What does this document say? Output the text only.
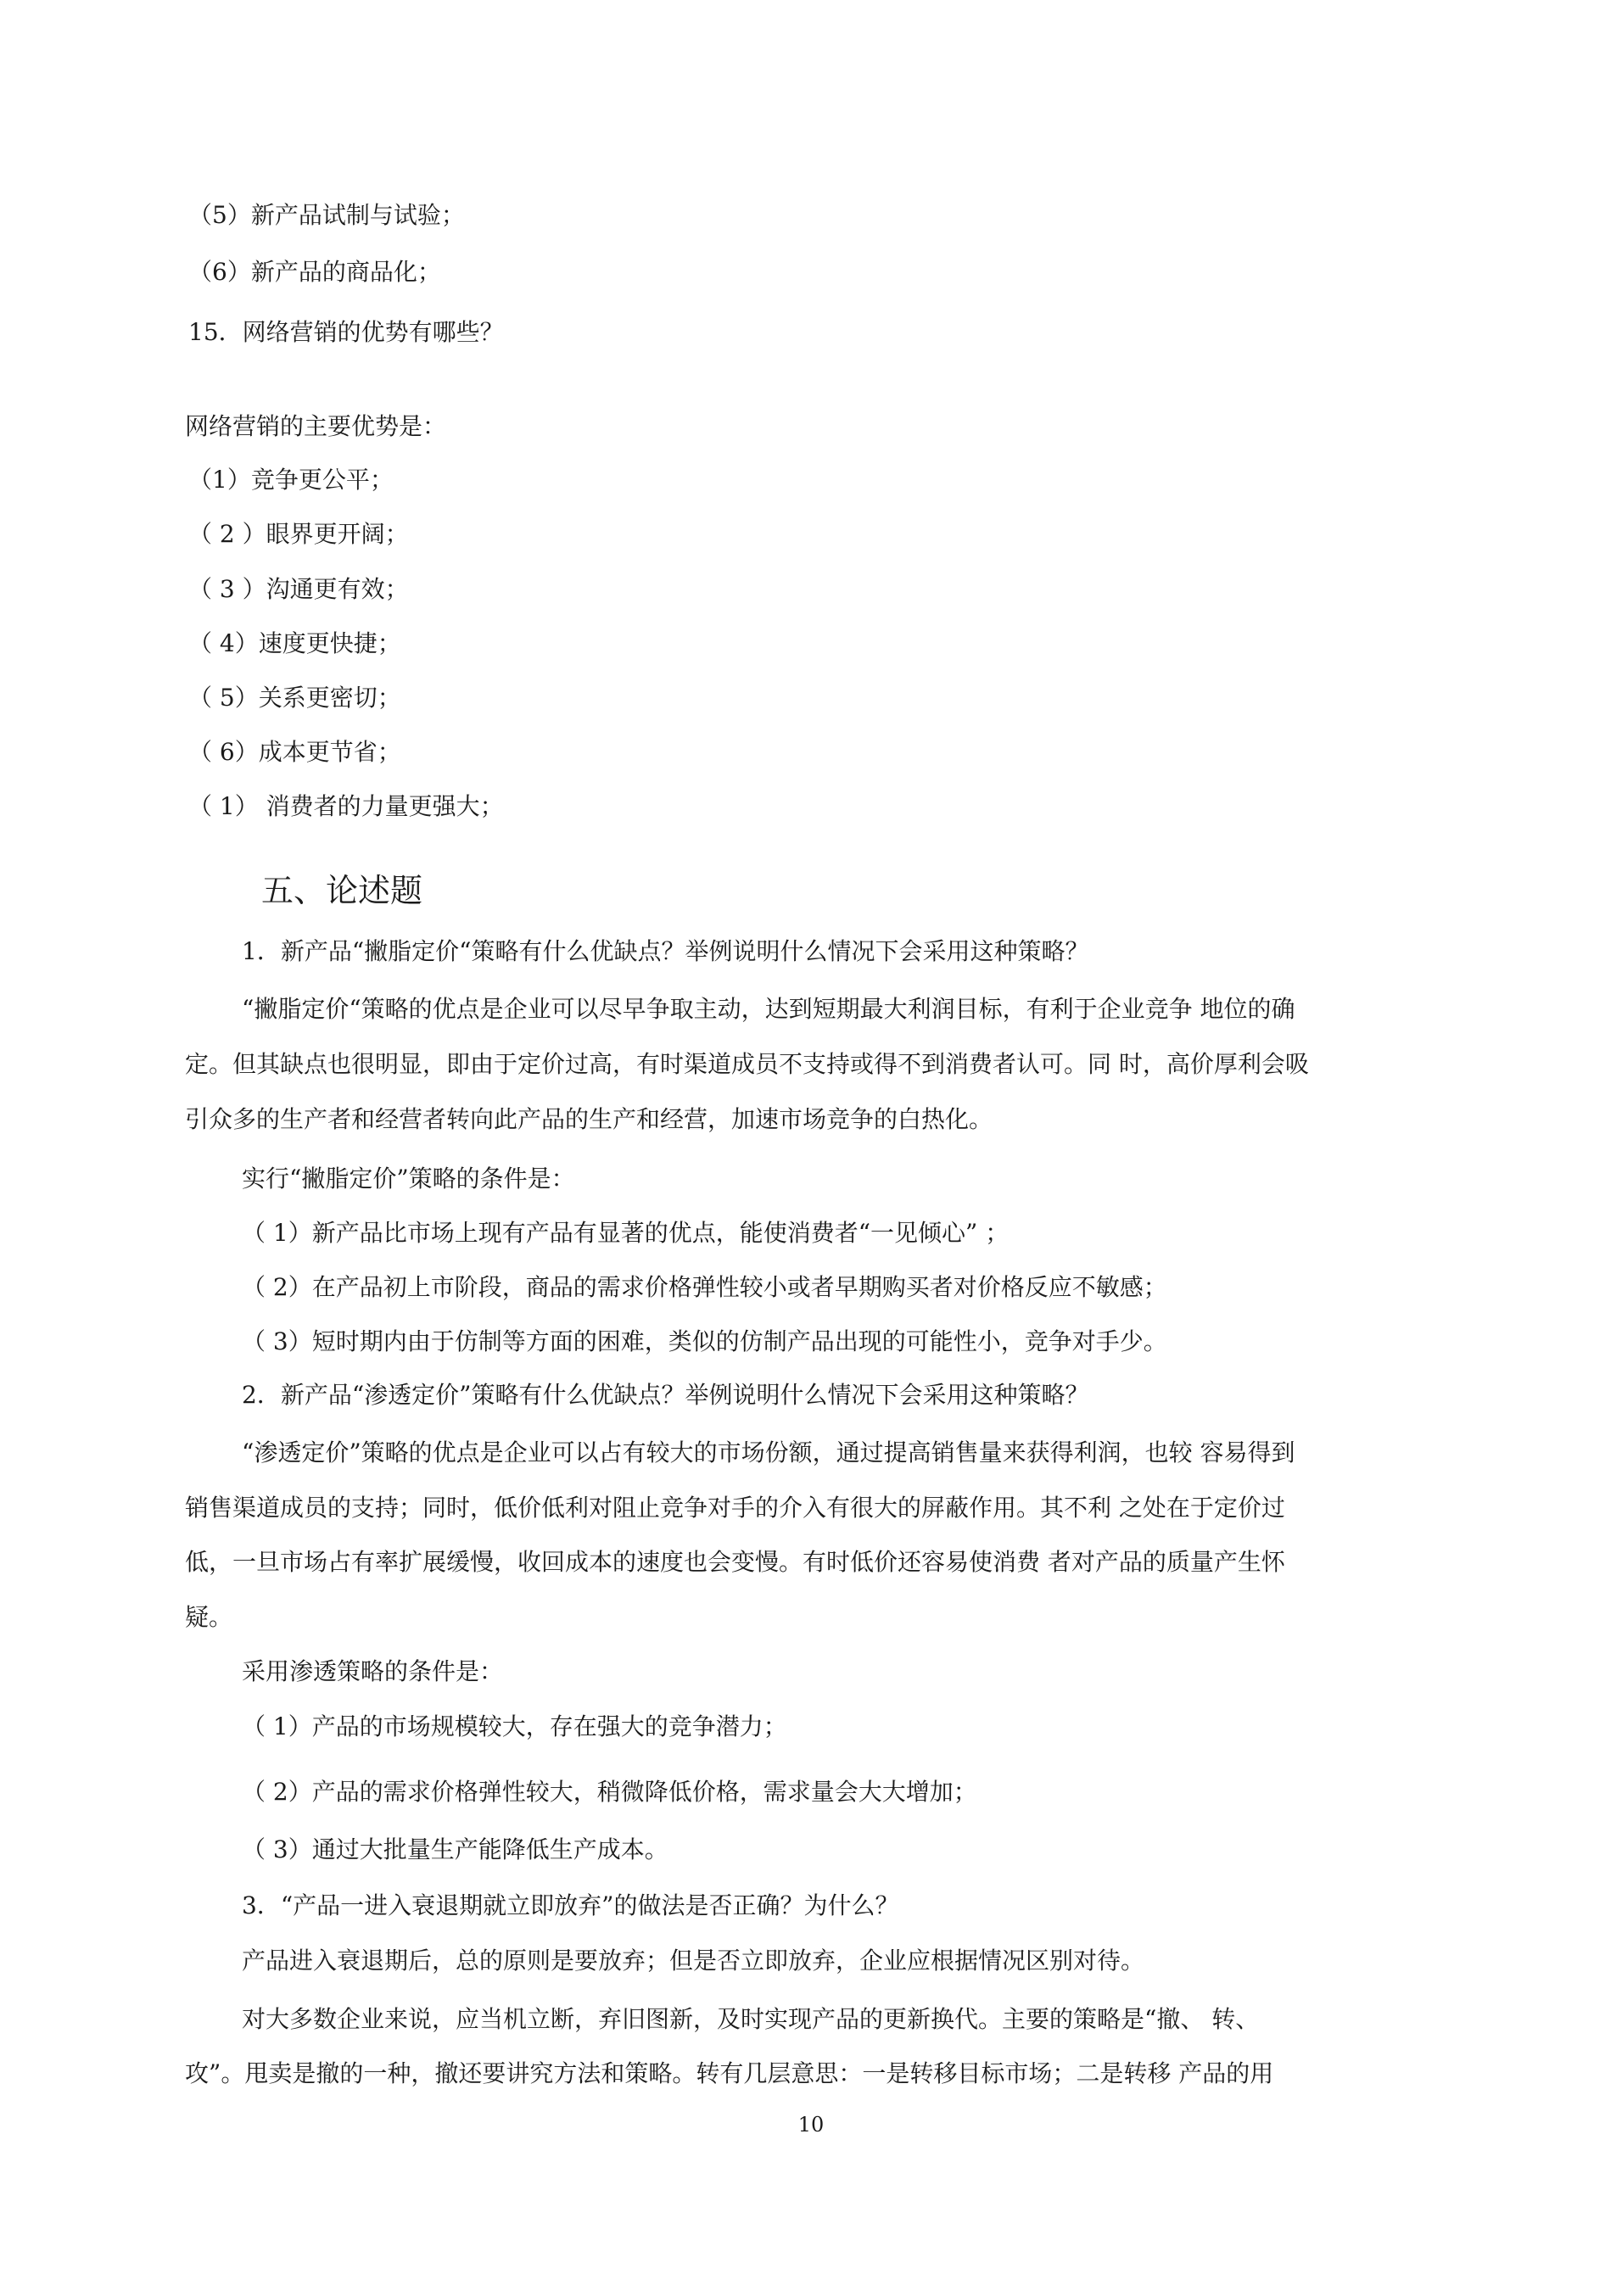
（5）新产品试制与试验；
（6）新产品的商品化；
15．网络营销的优势有哪些？
网络营销的主要优势是：
（1）竞争更公平；
（ 2 ）眼界更开阔；
（ 3 ）沟通更有效；
（ 4）速度更快捷；
（ 5）关系更密切；
（ 6）成本更节省；
（ 1） 消费者的力量更强大；
五、论述题
1．新产品“撇脂定价“策略有什么优缺点？举例说明什么情况下会采用这种策略？
“撇脂定价“策略的优点是企业可以尽早争取主动，达到短期最大利润目标，有利于企业竞争 地位的确
定。但其缺点也很明显，即由于定价过高，有时渠道成员不支持或得不到消费者认可。同 时，高价厚利会吸
引众多的生产者和经营者转向此产品的生产和经营，加速市场竞争的白热化。
实行“撇脂定价”策略的条件是：
（ 1）新产品比市场上现有产品有显著的优点，能使消费者“一见倾心” ；
（ 2）在产品初上市阶段，商品的需求价格弹性较小或者早期购买者对价格反应不敏感；
（ 3）短时期内由于仿制等方面的困难，类似的仿制产品出现的可能性小，竞争对手少。
2．新产品“渗透定价”策略有什么优缺点？举例说明什么情况下会采用这种策略？
“渗透定价”策略的优点是企业可以占有较大的市场份额，通过提高销售量来获得利润，也较 容易得到
销售渠道成员的支持；同时，低价低利对阻止竞争对手的介入有很大的屏蔽作用。其不利 之处在于定价过
低，一旦市场占有率扩展缓慢，收回成本的速度也会变慢。有时低价还容易使消费 者对产品的质量产生怀
疑。
采用渗透策略的条件是：
（ 1）产品的市场规模较大，存在强大的竞争潜力；
（ 2）产品的需求价格弹性较大，稍微降低价格，需求量会大大增加；
（ 3）通过大批量生产能降低生产成本。
3．“产品一进入衰退期就立即放弃”的做法是否正确？为什么？
产品进入衰退期后，总的原则是要放弃；但是否立即放弃，企业应根据情况区别对待。
对大多数企业来说，应当机立断，弃旧图新，及时实现产品的更新换代。主要的策略是“撤、 转、
攻”。甩卖是撤的一种，撤还要讲究方法和策略。转有几层意思：一是转移目标市场；二是转移 产品的用
10
